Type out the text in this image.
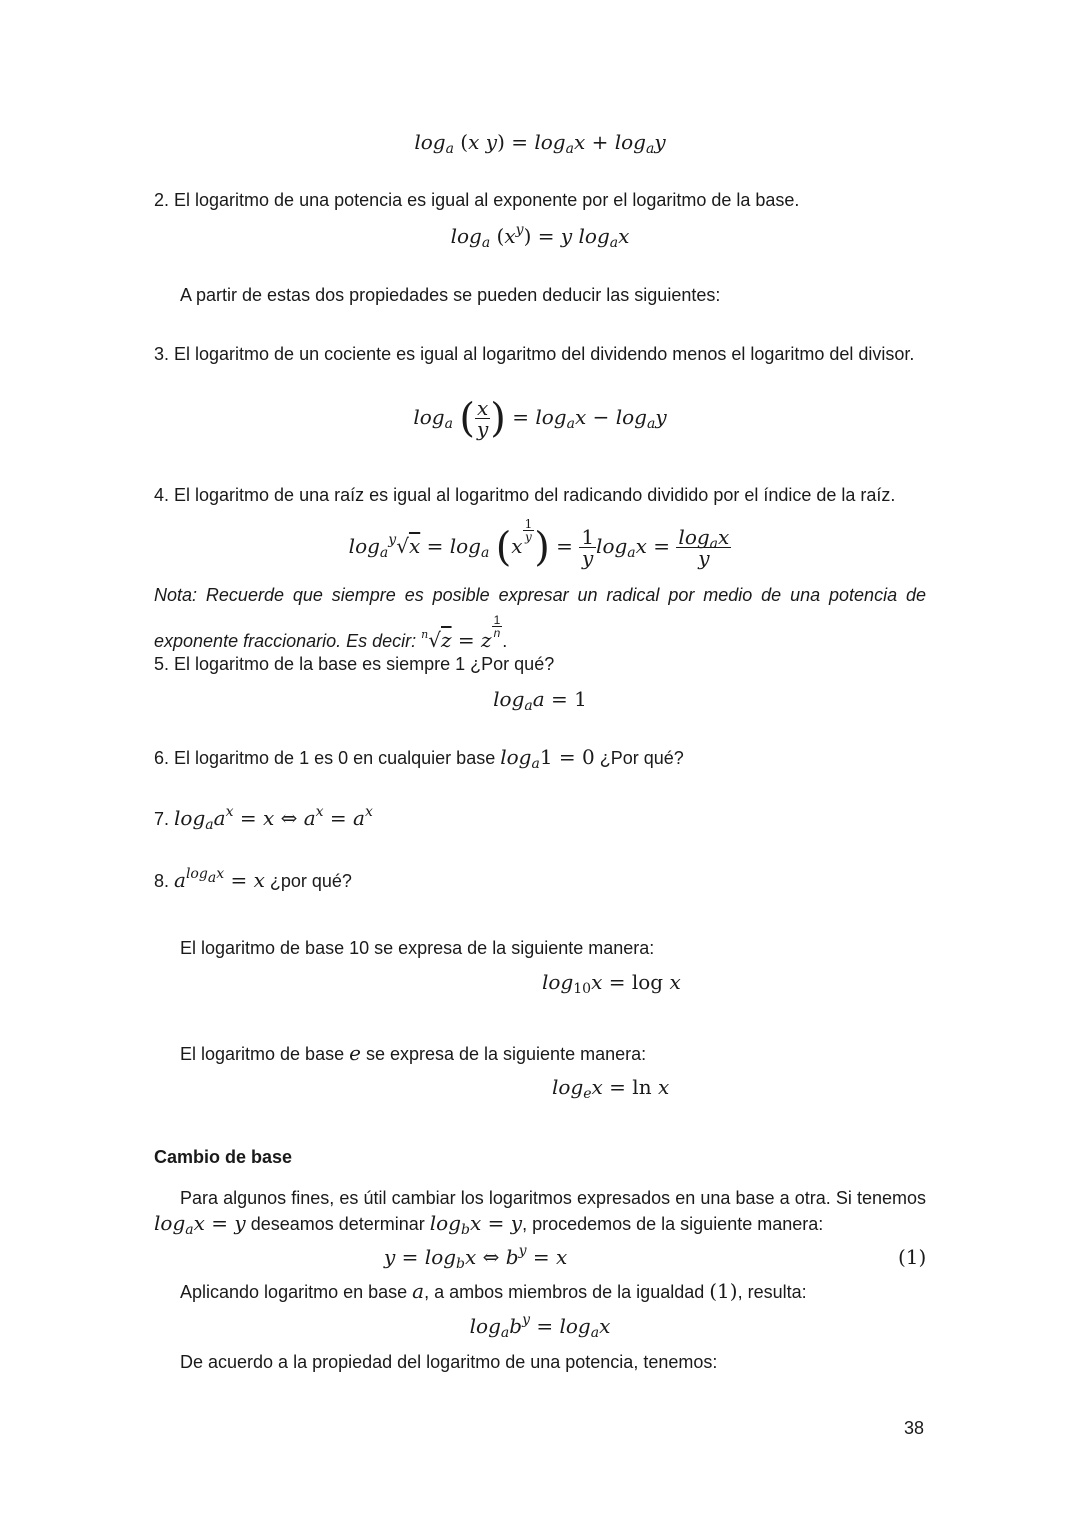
$\log_a (x$ $y) = \log_ax + \log_ay$
2. El logaritmo de una potencia es igual al exponente por el logaritmo de la base.
$\log_a (x^y) = y$ $\log_ax$
A partir de estas dos propiedades se pueden deducir las siguientes:
3. El logaritmo de un cociente es igual al logaritmo del dividendo menos el logaritmo del divisor.
$\log_a$ ( $\frac{x}{y}$ ) = $\log_ax - \log_ay$
4. El logaritmo de una raíz es igual al logaritmo del radicando dividido por el índice de la raíz.
$\log_a^y√x = \log_a (x$
$\frac{1}{y}$ ) = $\frac{1}{y} \log_ax = \frac{\log_ax}{y}$
Nota: Recuerde que siempre es posible expresar un radical por medio de una potencia de
exponente fraccionario. Es decir: $^n$√z = z
$\frac{1}{n}$
.
5. El logaritmo de la base es siempre 1 ¿Por qué?
$\log_aa = 1$
6. El logaritmo de 1 es 0 en cualquier base $\log_a1 = 0$ ¿Por qué?
7. $\log_aa^x = x$ ⇔ $a^x = a^x$
8. $a^{log_ax} = x$ ¿por qué?
El logaritmo de base 10 se expresa de la siguiente manera:
$\log_{10}x = \log x$
El logaritmo de base e se expresa de la siguiente manera:
$\log_ex = \ln x$
Cambio de base
Para algunos fines, es útil cambiar los logaritmos expresados en una base a otra. Si tenemos
$\log_ax = y$ deseamos determinar $\log_bx = y$, procedemos de la siguiente manera:
$y = \log_bx$ ⇔ $b^y = x$	(1)
Aplicando logaritmo en base a, a ambos miembros de la igualdad (1), resulta:
$\log_ab^y = \log_ax$
De acuerdo a la propiedad del logaritmo de una potencia, tenemos:
38
